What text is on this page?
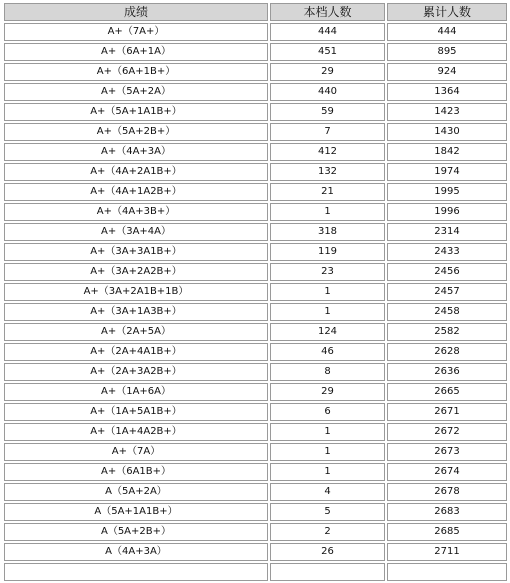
成绩	本档人数	累计人数
A+（7A+）	444	444
A+（6A+1A）	451	895
A+（6A+1B+）	29	924
A+（5A+2A）	440	1364
A+（5A+1A1B+）	59	1423
A+（5A+2B+）	7	1430
A+（4A+3A）	412	1842
A+（4A+2A1B+）	132	1974
A+（4A+1A2B+）	21	1995
A+（4A+3B+）	1	1996
A+（3A+4A）	318	2314
A+（3A+3A1B+）	119	2433
A+（3A+2A2B+）	23	2456
A+（3A+2A1B+1B）	1	2457
A+（3A+1A3B+）	1	2458
A+（2A+5A）	124	2582
A+（2A+4A1B+）	46	2628
A+（2A+3A2B+）	8	2636
A+（1A+6A）	29	2665
A+（1A+5A1B+）	6	2671
A+（1A+4A2B+）	1	2672
A+（7A）	1	2673
A+（6A1B+）	1	2674
A（5A+2A）	4	2678
A（5A+1A1B+）	5	2683
A（5A+2B+）	2	2685
A（4A+3A）	26	2711
